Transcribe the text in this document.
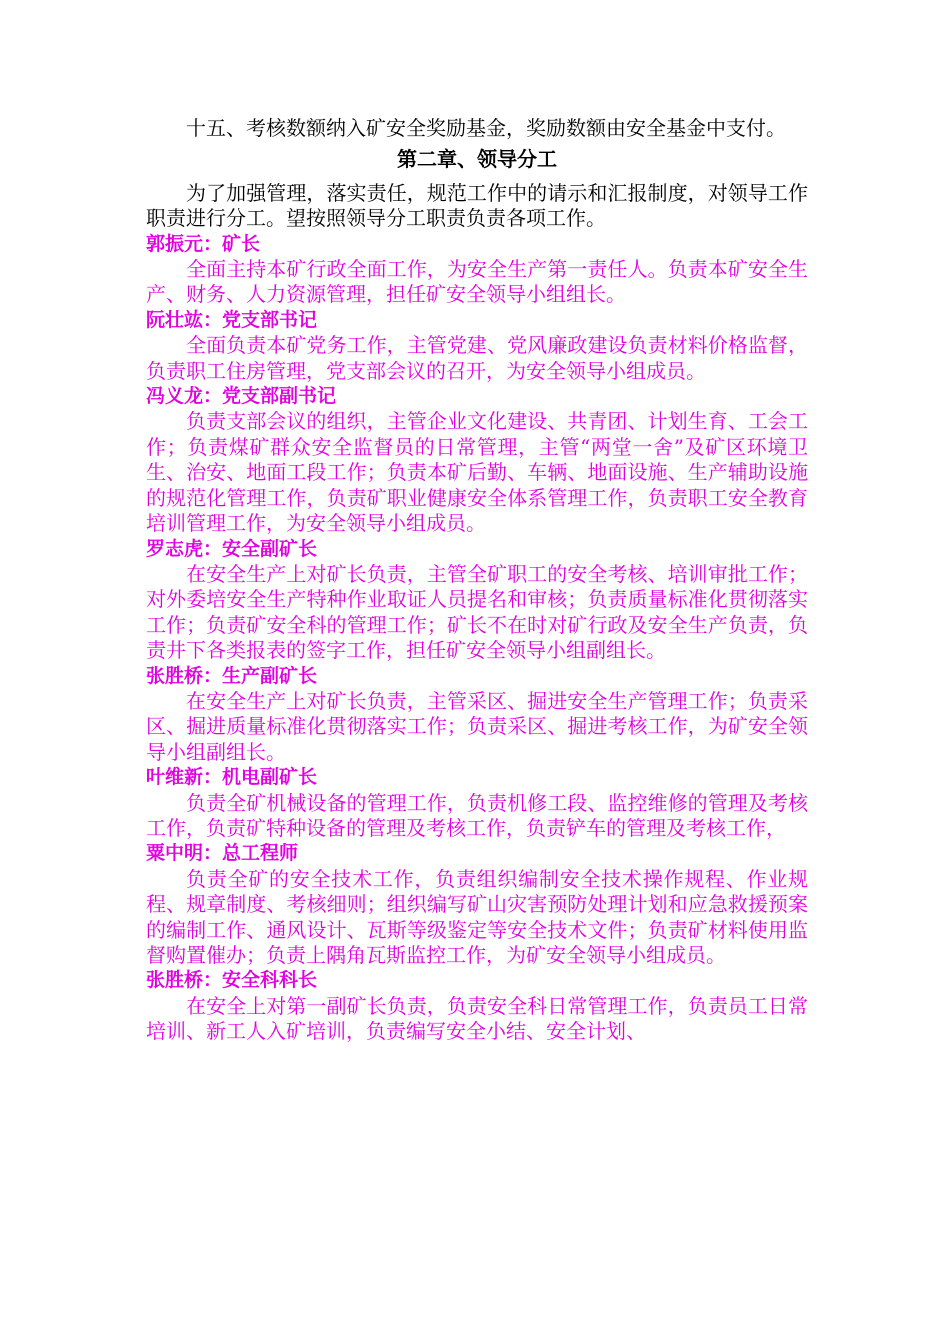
十五、考核数额纳入矿安全奖励基金，奖励数额由安全基金中支付。

第二章、领导分工

为了加强管理，落实责任，规范工作中的请示和汇报制度，对领导工作职责进行分工。望按照领导分工职责负责各项工作。

郭振元：矿长

全面主持本矿行政全面工作，为安全生产第一责任人。负责本矿安全生产、财务、人力资源管理，担任矿安全领导小组组长。

阮壮竑：党支部书记

全面负责本矿党务工作，主管党建、党风廉政建设负责材料价格监督，负责职工住房管理，党支部会议的召开，为安全领导小组成员。

冯义龙：党支部副书记

负责支部会议的组织，主管企业文化建设、共青团、计划生育、工会工作；负责煤矿群众安全监督员的日常管理，主管“两堂一舍”及矿区环境卫生、治安、地面工段工作；负责本矿后勤、车辆、地面设施、生产辅助设施的规范化管理工作，负责矿职业健康安全体系管理工作，负责职工安全教育培训管理工作，为安全领导小组成员。

罗志虎：安全副矿长

在安全生产上对矿长负责，主管全矿职工的安全考核、培训审批工作；对外委培安全生产特种作业取证人员提名和审核；负责质量标准化贯彻落实工作；负责矿安全科的管理工作；矿长不在时对矿行政及安全生产负责，负责井下各类报表的签字工作，担任矿安全领导小组副组长。

张胜桥：生产副矿长

在安全生产上对矿长负责，主管采区、掘进安全生产管理工作；负责采区、掘进质量标准化贯彻落实工作；负责采区、掘进考核工作，为矿安全领导小组副组长。

叶维新：机电副矿长

负责全矿机械设备的管理工作，负责机修工段、监控维修的管理及考核工作，负责矿特种设备的管理及考核工作，负责铲车的管理及考核工作，

粟中明：总工程师

负责全矿的安全技术工作，负责组织编制安全技术操作规程、作业规程、规章制度、考核细则；组织编写矿山灾害预防处理计划和应急救援预案的编制工作、通风设计、瓦斯等级鉴定等安全技术文件；负责矿材料使用监督购置催办；负责上隅角瓦斯监控工作，为矿安全领导小组成员。

张胜桥：安全科科长

在安全上对第一副矿长负责，负责安全科日常管理工作，负责员工日常培训、新工人入矿培训，负责编写安全小结、安全计划、
